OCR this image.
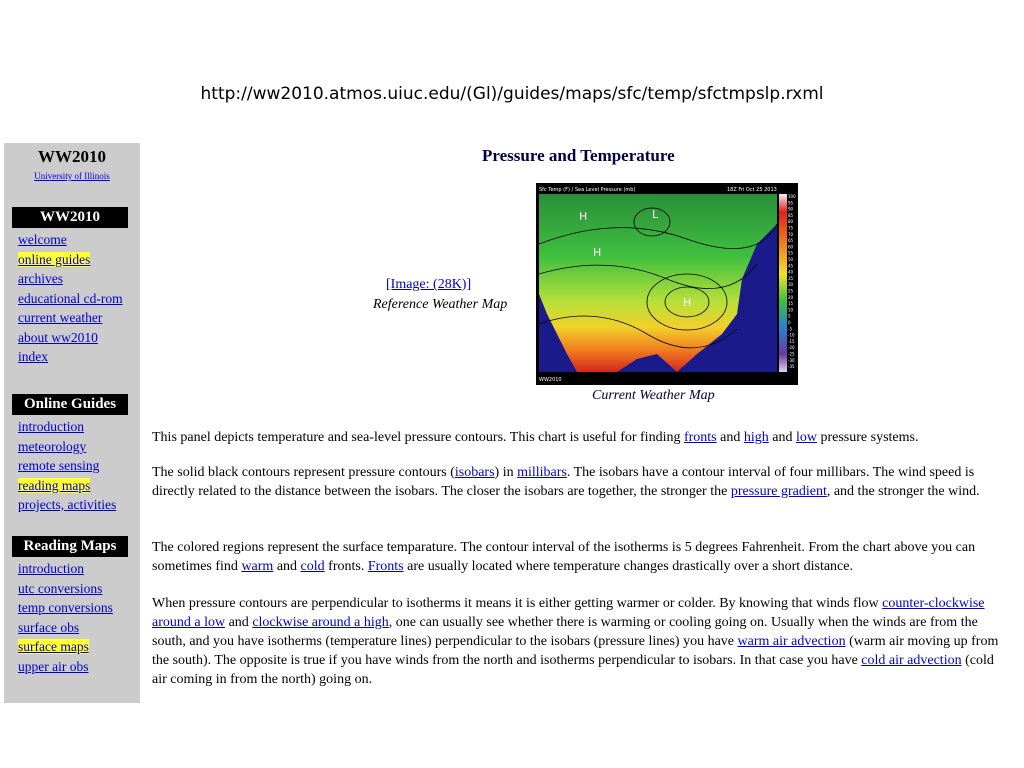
http://ww2010.atmos.uiuc.edu/(Gl)/guides/maps/sfc/temp/sfctmpslp.rxml
WW2010
University of Illinois
WW2010
welcome
online guides
archives
educational cd-rom
current weather
about ww2010
index
Online Guides
introduction
meteorology
remote sensing
reading maps
projects, activities
Reading Maps
introduction
utc conversions
temp conversions
surface obs
surface maps
upper air obs
Pressure and Temperature
[Image: (28K)]
Reference Weather Map
H
H
L
H
100
95
90
85
80
75
70
65
60
55
50
45
40
35
30
25
20
15
10
5
0
-5
-10
-15
-20
-25
-30
-35
Sfc Temp (F) / Sea Level Pressure (mb)	18Z Fri Oct 25 2013
WW2010
Current Weather Map
This panel depicts temperature and sea-level pressure contours. This chart is useful for finding fronts and high and low pressure systems.
The solid black contours represent pressure contours (isobars) in millibars. The isobars have a contour interval of four millibars. The wind speed is directly related to the distance between the isobars. The closer the isobars are together, the stronger the pressure gradient, and the stronger the wind.
The colored regions represent the surface temparature. The contour interval of the isotherms is 5 degrees Fahrenheit. From the chart above you can sometimes find warm and cold fronts. Fronts are usually located where temperature changes drastically over a short distance.
When pressure contours are perpendicular to isotherms it means it is either getting warmer or colder. By knowing that winds flow counter-clockwise around a low and clockwise around a high, one can usually see whether there is warming or cooling going on. Usually when the winds are from the south, and you have isotherms (temperature lines) perpendicular to the isobars (pressure lines) you have warm air advection (warm air moving up from the south). The opposite is true if you have winds from the north and isotherms perpendicular to isobars. In that case you have cold air advection (cold air coming in from the north) going on.
